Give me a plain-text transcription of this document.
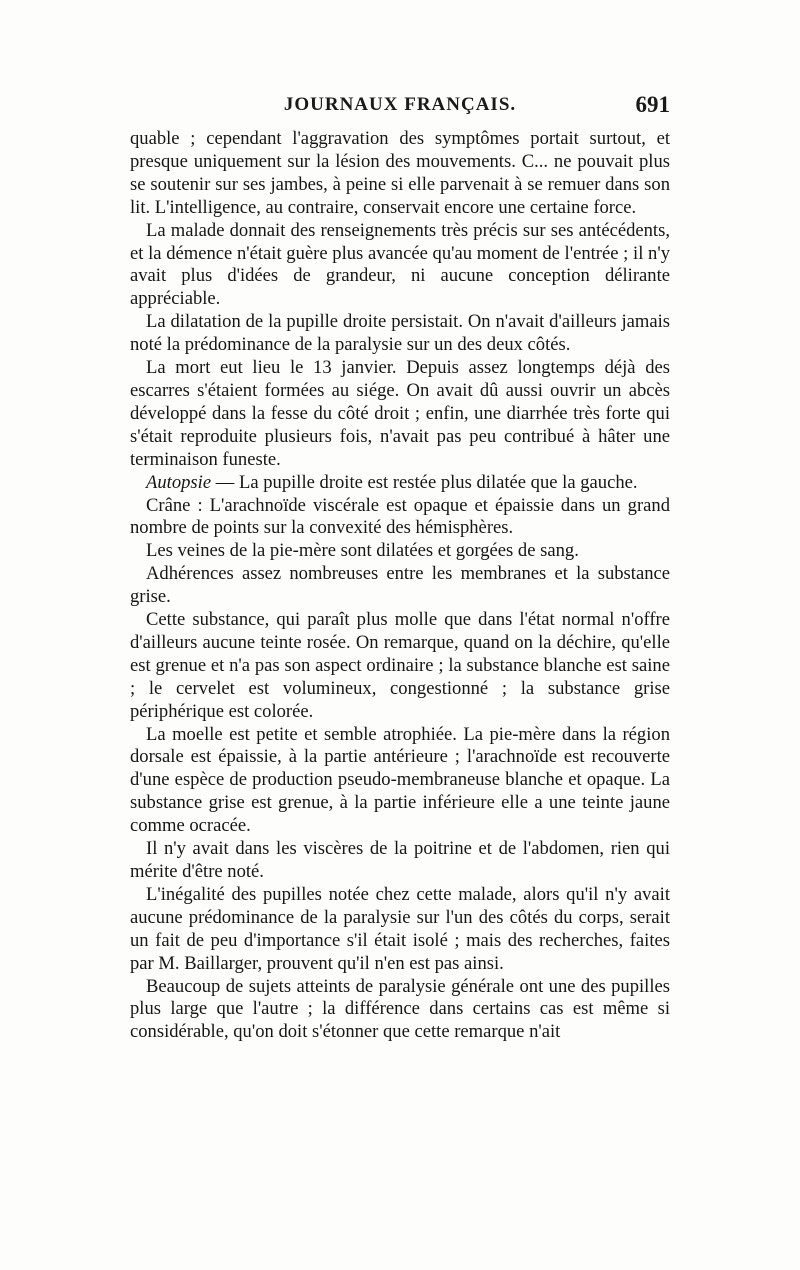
JOURNAUX FRANÇAIS.	691

quable ; cependant l'aggravation des symptômes portait surtout, et presque uniquement sur la lésion des mouvements. C... ne pouvait plus se soutenir sur ses jambes, à peine si elle parvenait à se remuer dans son lit. L'intelligence, au contraire, conservait encore une certaine force.

La malade donnait des renseignements très précis sur ses antécédents, et la démence n'était guère plus avancée qu'au moment de l'entrée ; il n'y avait plus d'idées de grandeur, ni aucune conception délirante appréciable.

La dilatation de la pupille droite persistait. On n'avait d'ailleurs jamais noté la prédominance de la paralysie sur un des deux côtés.

La mort eut lieu le 13 janvier. Depuis assez longtemps déjà des escarres s'étaient formées au siége. On avait dû aussi ouvrir un abcès développé dans la fesse du côté droit ; enfin, une diarrhée très forte qui s'était reproduite plusieurs fois, n'avait pas peu contribué à hâter une terminaison funeste.

Autopsie — La pupille droite est restée plus dilatée que la gauche.

Crâne : L'arachnoïde viscérale est opaque et épaissie dans un grand nombre de points sur la convexité des hémisphères.

Les veines de la pie-mère sont dilatées et gorgées de sang.

Adhérences assez nombreuses entre les membranes et la substance grise.

Cette substance, qui paraît plus molle que dans l'état normal n'offre d'ailleurs aucune teinte rosée. On remarque, quand on la déchire, qu'elle est grenue et n'a pas son aspect ordinaire ; la substance blanche est saine ; le cervelet est volumineux, congestionné ; la substance grise périphérique est colorée.

La moelle est petite et semble atrophiée. La pie-mère dans la région dorsale est épaissie, à la partie antérieure ; l'arachnoïde est recouverte d'une espèce de production pseudo-membraneuse blanche et opaque. La substance grise est grenue, à la partie inférieure elle a une teinte jaune comme ocracée.

Il n'y avait dans les viscères de la poitrine et de l'abdomen, rien qui mérite d'être noté.

L'inégalité des pupilles notée chez cette malade, alors qu'il n'y avait aucune prédominance de la paralysie sur l'un des côtés du corps, serait un fait de peu d'importance s'il était isolé ; mais des recherches, faites par M. Baillarger, prouvent qu'il n'en est pas ainsi.

Beaucoup de sujets atteints de paralysie générale ont une des pupilles plus large que l'autre ; la différence dans certains cas est même si considérable, qu'on doit s'étonner que cette remarque n'ait
